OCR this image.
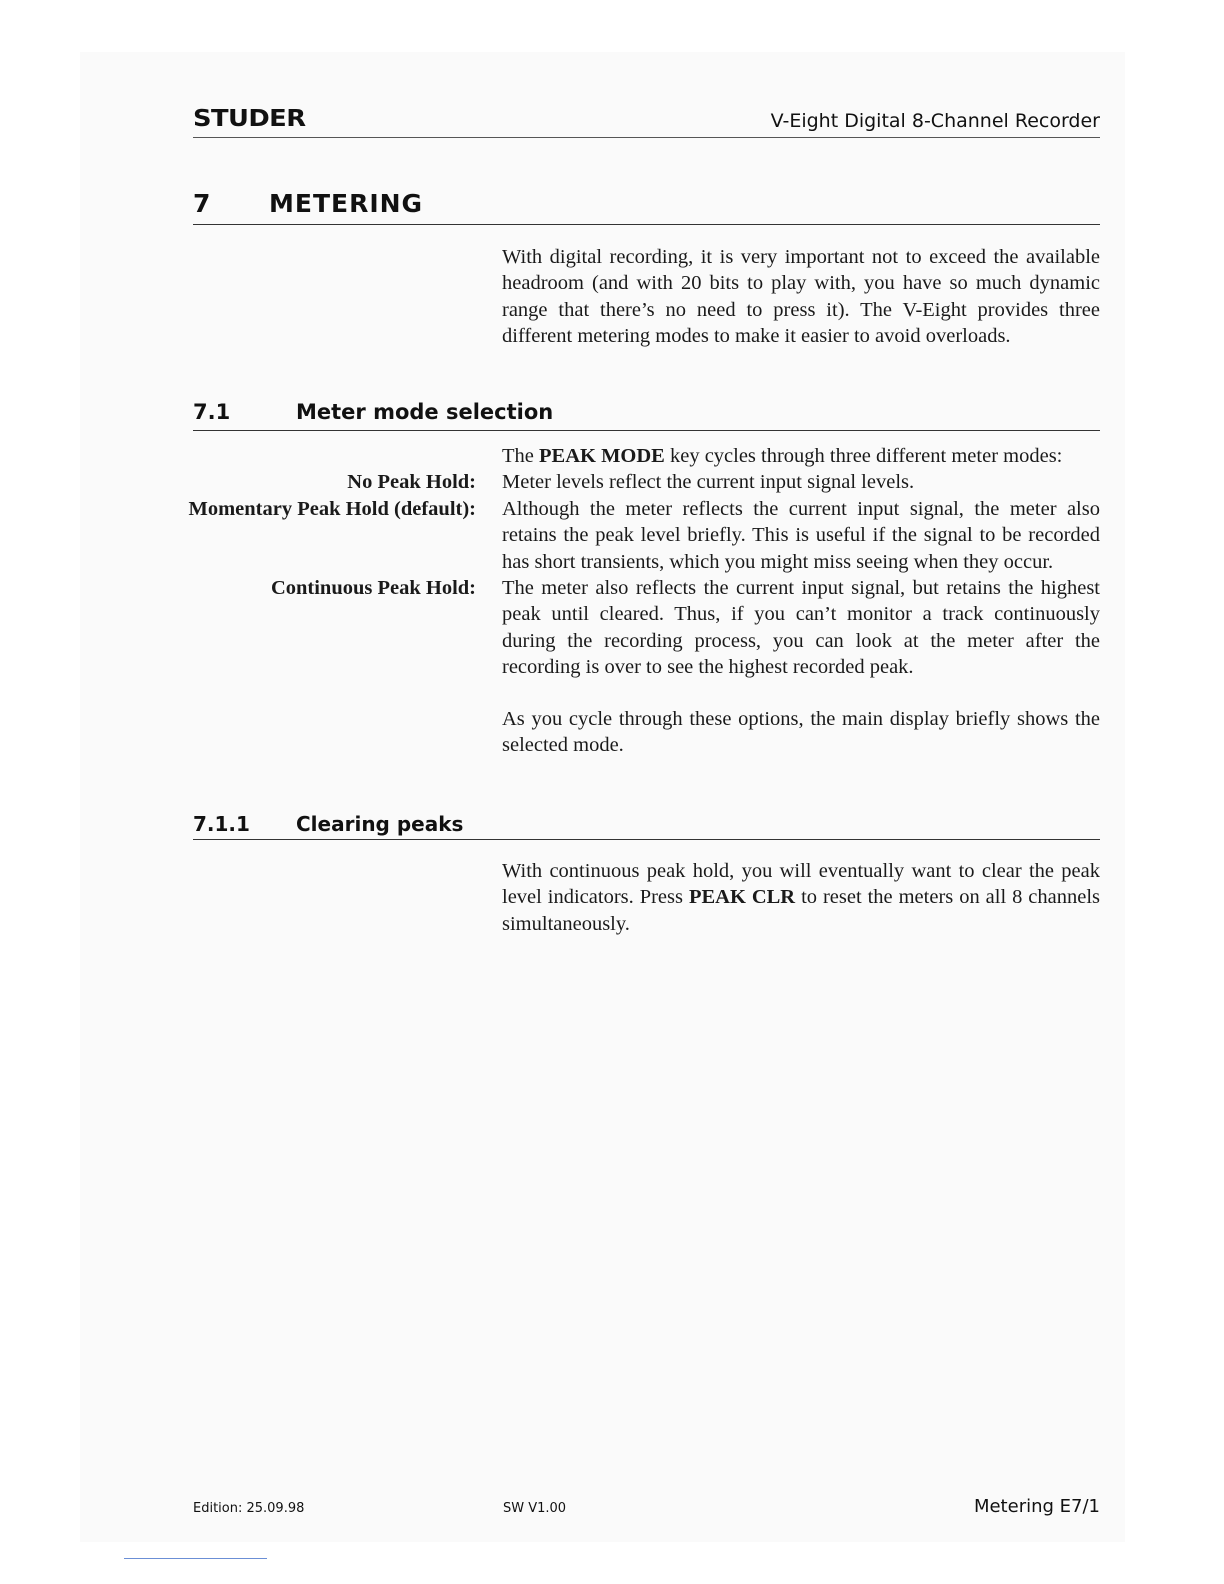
STUDER	V-Eight Digital 8-Channel Recorder
7 METERING
With digital recording, it is very important not to exceed the available headroom (and with 20 bits to play with, you have so much dynamic range that there’s no need to press it). The V-Eight provides three different metering modes to make it easier to avoid overloads.
7.1	Meter mode selection
The PEAK MODE key cycles through three different meter modes:
No Peak Hold: Meter levels reflect the current input signal levels.
Momentary Peak Hold (default): Although the meter reflects the current input signal, the meter also retains the peak level briefly. This is useful if the signal to be recorded has short transients, which you might miss seeing when they occur.
Continuous Peak Hold: The meter also reflects the current input signal, but retains the highest peak until cleared. Thus, if you can’t monitor a track continuously during the recording process, you can look at the meter after the recording is over to see the highest recorded peak.
As you cycle through these options, the main display briefly shows the selected mode.
7.1.1 Clearing peaks
With continuous peak hold, you will eventually want to clear the peak level indicators. Press PEAK CLR to reset the meters on all 8 channels simultaneously.
Edition: 25.09.98	SW V1.00	Metering E7/1
